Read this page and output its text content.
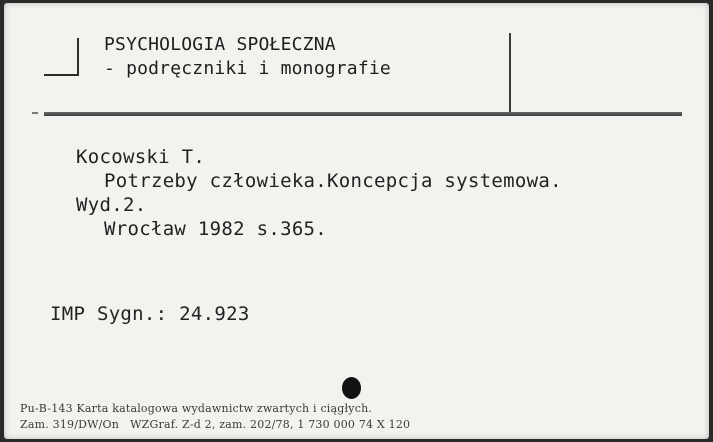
PSYCHOLOGIA SPOŁECZNA

- podręczniki i monografie

Kocowski T.

Potrzeby człowieka.Koncepcja systemowa.

Wyd.2.

Wrocław 1982 s.365.

IMP Sygn.: 24.923

Pu-B-143 Karta katalogowa wydawnictw zwartych i ciągłych.

Zam. 319/DW/On   WZGraf. Z-d 2, zam. 202/78, 1 730 000 74 X 120
